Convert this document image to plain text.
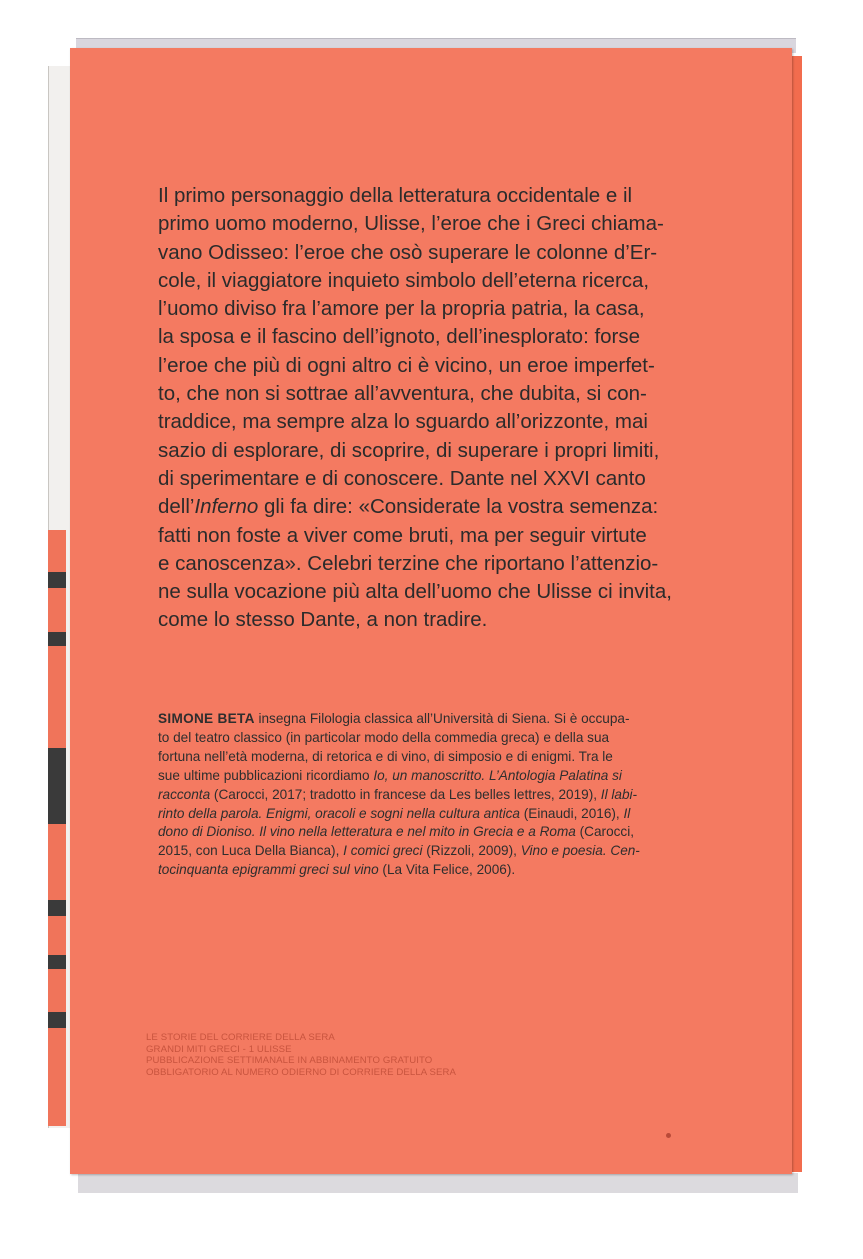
Il primo personaggio della letteratura occidentale e il

primo uomo moderno, Ulisse, l’eroe che i Greci chiama-

vano Odisseo: l’eroe che osò superare le colonne d’Er-

cole, il viaggiatore inquieto simbolo dell’eterna ricerca,

l’uomo diviso fra l’amore per la propria patria, la casa,

la sposa e il fascino dell’ignoto, dell’inesplorato: forse

l’eroe che più di ogni altro ci è vicino, un eroe imperfet-

to, che non si sottrae all’avventura, che dubita, si con-

traddice, ma sempre alza lo sguardo all’orizzonte, mai

sazio di esplorare, di scoprire, di superare i propri limiti,

di sperimentare e di conoscere. Dante nel XXVI canto

dell’Inferno gli fa dire: «Considerate la vostra semenza:

fatti non foste a viver come bruti, ma per seguir virtute

e canoscenza». Celebri terzine che riportano l’attenzio-

ne sulla vocazione più alta dell’uomo che Ulisse ci invita,

come lo stesso Dante, a non tradire.

SIMONE BETA insegna Filologia classica all’Università di Siena. Si è occupa-

to del teatro classico (in particolar modo della commedia greca) e della sua

fortuna nell’età moderna, di retorica e di vino, di simposio e di enigmi. Tra le

sue ultime pubblicazioni ricordiamo Io, un manoscritto. L’Antologia Palatina si

racconta (Carocci, 2017; tradotto in francese da Les belles lettres, 2019), Il labi-

rinto della parola. Enigmi, oracoli e sogni nella cultura antica (Einaudi, 2016), Il

dono di Dioniso. Il vino nella letteratura e nel mito in Grecia e a Roma (Carocci,

2015, con Luca Della Bianca), I comici greci (Rizzoli, 2009), Vino e poesia. Cen-

tocinquanta epigrammi greci sul vino (La Vita Felice, 2006).

LE STORIE DEL CORRIERE DELLA SERA
GRANDI MITI GRECI - 1 ULISSE
PUBBLICAZIONE SETTIMANALE IN ABBINAMENTO GRATUITO
OBBLIGATORIO AL NUMERO ODIERNO DI CORRIERE DELLA SERA
